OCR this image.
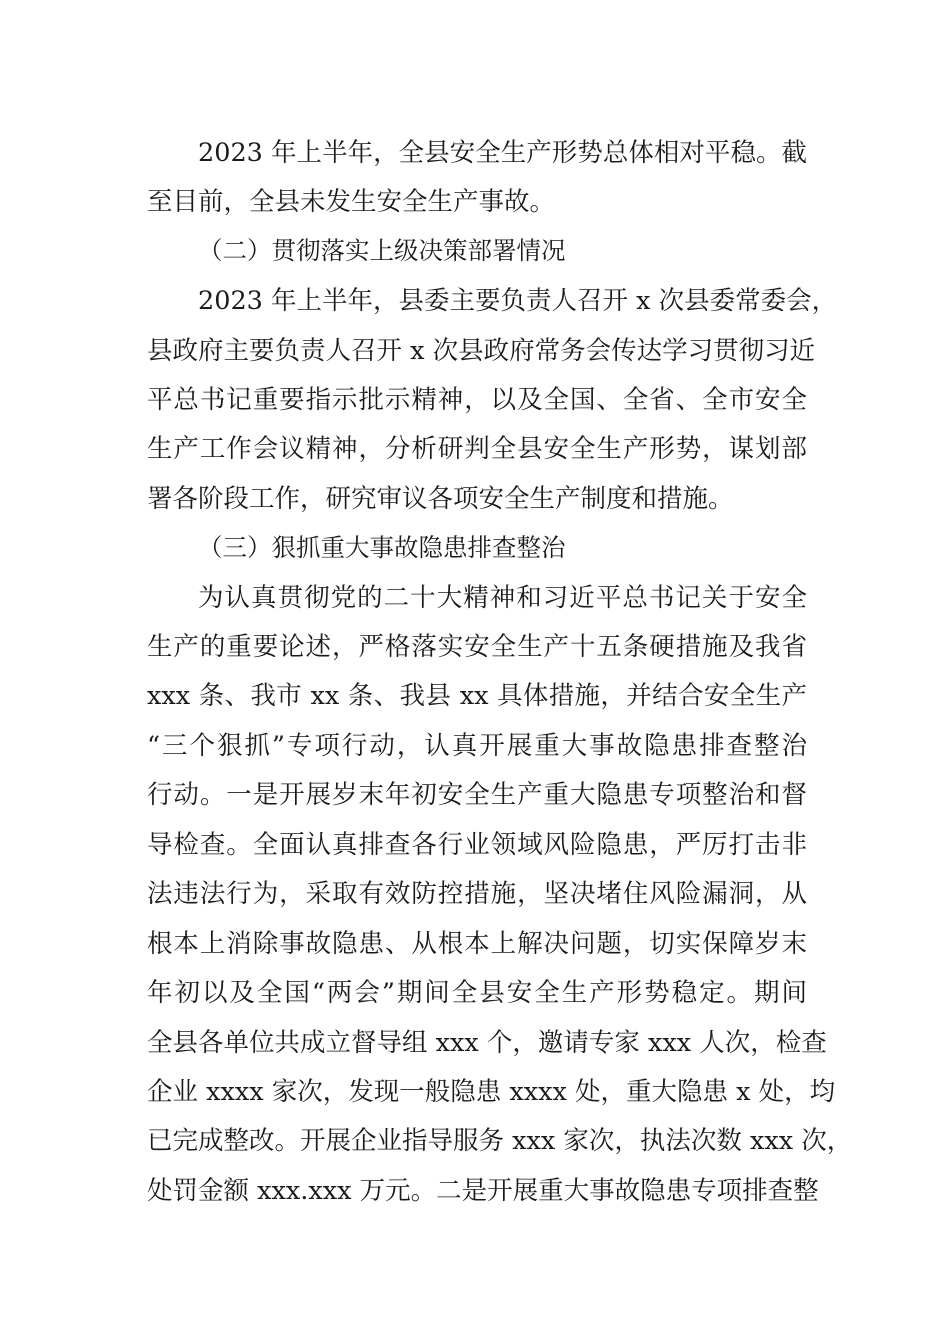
2023 年上半年，全县安全生产形势总体相对平稳。截
至目前，全县未发生安全生产事故。
（二）贯彻落实上级决策部署情况
2023 年上半年，县委主要负责人召开 x 次县委常委会，
县政府主要负责人召开 x 次县政府常务会传达学习贯彻习近
平总书记重要指示批示精神，以及全国、全省、全市安全
生产工作会议精神，分析研判全县安全生产形势，谋划部
署各阶段工作，研究审议各项安全生产制度和措施。
（三）狠抓重大事故隐患排查整治
为认真贯彻党的二十大精神和习近平总书记关于安全
生产的重要论述，严格落实安全生产十五条硬措施及我省
xxx 条、我市 xx 条、我县 xx 具体措施，并结合安全生产
“三个狠抓”专项行动，认真开展重大事故隐患排查整治
行动。一是开展岁末年初安全生产重大隐患专项整治和督
导检查。全面认真排查各行业领域风险隐患，严厉打击非
法违法行为，采取有效防控措施，坚决堵住风险漏洞，从
根本上消除事故隐患、从根本上解决问题，切实保障岁末
年初以及全国“两会”期间全县安全生产形势稳定。期间
全县各单位共成立督导组 xxx 个，邀请专家 xxx 人次，检查
企业 xxxx 家次，发现一般隐患 xxxx 处，重大隐患 x 处，均
已完成整改。开展企业指导服务 xxx 家次，执法次数 xxx 次，
处罚金额 xxx.xxx 万元。二是开展重大事故隐患专项排查整
